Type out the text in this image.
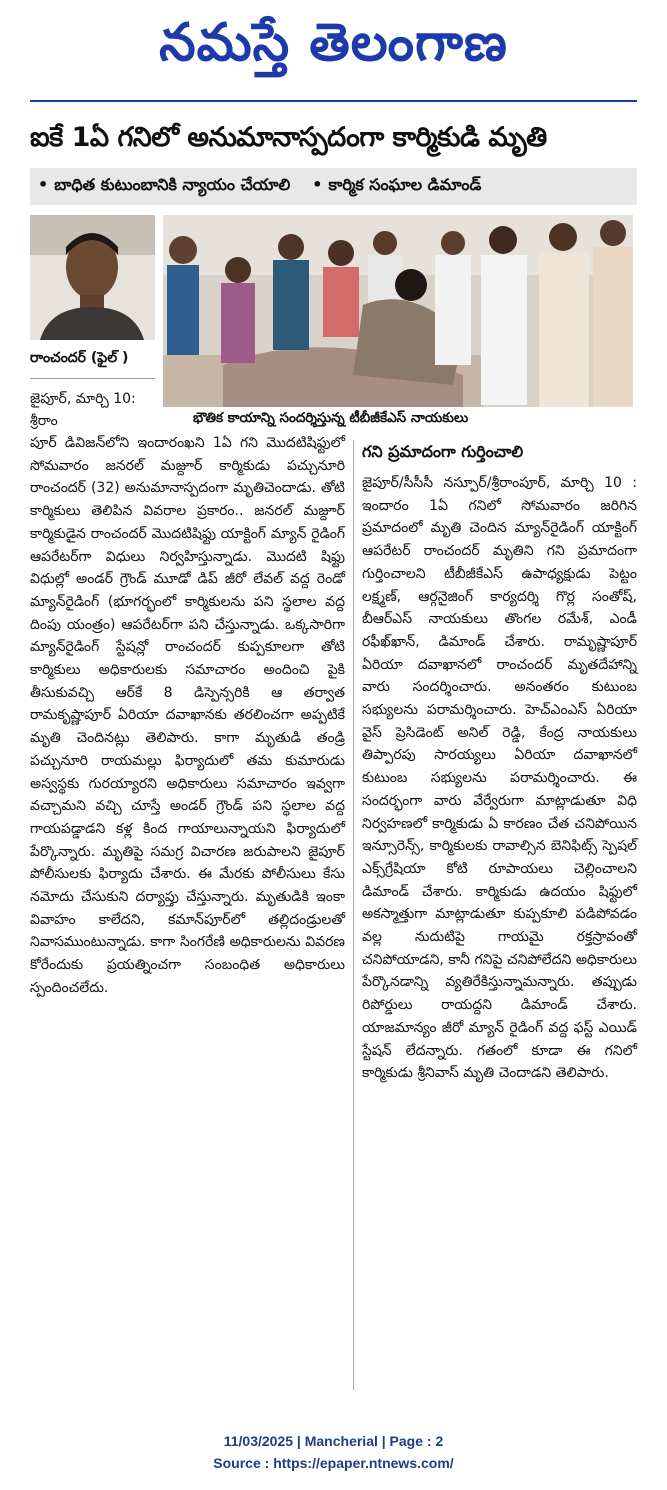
నమస్తే తెలంగాణ
ఐకే 1ఏ గనిలో అనుమానాస్పదంగా కార్మికుడి మృతి
• బాధిత కుటుంబానికి న్యాయం చేయాలి
•	కార్మిక సంఘాల డిమాండ్
రాంచందర్ (ఫైల్ )
భౌతిక కాయాన్ని సందర్శిస్తున్న టీబీజీకేఎస్ నాయకులు

జైపూర్, మార్చి 10: శ్రీరాం

పూర్ డివిజన్‌లోని ఇందారంఖని 1ఏ గని మొదటిషిఫ్టులో సోమవారం జనరల్ మజ్దూర్ కార్మికుడు పచ్చునూరి రాంచందర్ (32) అనుమానాస్పదంగా మృతిచెందాడు. తోటి కార్మికులు తెలిపిన వివరాల ప్రకారం.. జనరల్ మజ్దూర్ కార్మికుడైన రాంచందర్ మొదటిషిఫ్టు యాక్టింగ్ మ్యాన్ రైడింగ్ ఆపరేటర్‌గా విధులు నిర్వహిస్తున్నాడు. మొదటి షిఫ్టు విధుల్లో అండర్ గ్రౌండ్ మూడో డిప్ జీరో లేవల్ వద్ద రెండో మ్యాన్‌రైడింగ్ (భూగర్భంలో కార్మికులను పని స్థలాల వద్ద దింపు యంత్రం) ఆపరేటర్‌గా పని చేస్తున్నాడు. ఒక్కసారిగా మ్యాన్‌రైడింగ్ స్టేషన్లో రాంచందర్ కుప్పకూలగా తోటి కార్మికులు అధికారులకు సమాచారం అందించి పైకి తీసుకువచ్చి ఆర్‌కే 8 డిస్పెన్సరికి ఆ తర్వాత రామకృష్ణాపూర్ ఏరియా దవాఖానకు తరలించగా అప్పటికే మృతి చెందినట్లు తెలిపారు. కాగా మృతుడి తండ్రి పచ్చునూరి రాయమల్లు ఫిర్యాదులో తమ కుమారుడు అస్వస్థకు గురయ్యారని అధికారులు సమాచారం ఇవ్వగా వచ్చామని వచ్చి చూస్తే అండర్ గ్రౌండ్ పని స్థలాల వద్ద గాయపడ్డాడని కళ్ల కింద గాయాలున్నాయని ఫిర్యాదులో పేర్కొన్నారు. మృతిపై సమగ్ర విచారణ జరుపాలని జైపూర్ పోలీసులకు ఫిర్యాదు చేశారు. ఈ మేరకు పోలీసులు కేసు నమోదు చేసుకుని దర్యాప్తు చేస్తున్నారు. మృతుడికి ఇంకా వివాహం కాలేదని, కమాన్‌పూర్‌లో తల్లిదండ్రులతో నివాసముంటున్నాడు. కాగా సింగరేణి అధికారులను వివరణ కోరేందుకు ప్రయత్నించగా సంబంధిత అధికారులు స్పందించలేదు.

గని ప్రమాదంగా గుర్తించాలి

జైపూర్/సీసీసీ నస్పూర్/శ్రీరాంపూర్, మార్చి 10 : ఇందారం 1ఏ గనిలో సోమవారం జరిగిన ప్రమాదంలో మృతి చెందిన మ్యాన్‌రైడింగ్ యాక్టింగ్ ఆపరేటర్ రాంచందర్ మృతిని గని ప్రమాదంగా గుర్తించాలని టీబీజీకేఎస్ ఉపాధ్యక్షుడు పెట్టం లక్ష్మణ్, ఆర్గనైజింగ్ కార్యదర్శి గొర్ల సంతోష్, బీఆర్‌ఎస్ నాయకులు తొంగల రమేశ్, ఎండీ రఫీఖ్‌ఖాన్, డిమాండ్ చేశారు. రామృష్ణాపూర్ ఏరియా దవాఖానలో రాంచందర్ మృతదేహాన్ని వారు సందర్శించారు. అనంతరం కుటుంబ సభ్యులను పరామర్శించారు. హెచ్‌ఎంఎస్ ఏరియా వైస్ ప్రెసిడెంట్ అనిల్ రెడ్డి, కేంద్ర నాయకులు తిప్పారపు సారయ్యలు ఏరియా దవాఖానలో కుటుంబ సభ్యులను పరామర్శించారు. ఈ సందర్భంగా వారు వేర్వేరుగా మాట్లాడుతూ విధి నిర్వహణలో కార్మికుడు ఏ కారణం చేత చనిపోయిన ఇన్సూరెన్స్, కార్మికులకు రావాల్సిన బెనిఫిట్స్ స్పెషల్ ఎక్స్‌గ్రేషియా కోటి రూపాయలు చెల్లించాలని డిమాండ్ చేశారు. కార్మికుడు ఉదయం షిఫ్టులో అకస్మాత్తుగా మాట్లాడుతూ కుప్పకూలి పడిపోవడం వల్ల నుదుటిపై గాయమై రక్తస్రావంతో చనిపోయాడని, కానీ గనిపై చనిపోలేదని అధికారులు పేర్కొనడాన్ని వ్యతిరేకిస్తున్నామన్నారు. తప్పుడు రిపోర్డులు రాయద్దని డిమాండ్ చేశారు. యాజమాన్యం జీరో మ్యాన్ రైడింగ్ వద్ద ఫస్ట్ ఎయిడ్ స్టేషన్ లేదన్నారు. గతంలో కూడా ఈ గనిలో కార్మికుడు శ్రీనివాస్ మృతి చెందాడని తెలిపారు.

11/03/2025 | Mancherial | Page : 2
Source : https://epaper.ntnews.com/
